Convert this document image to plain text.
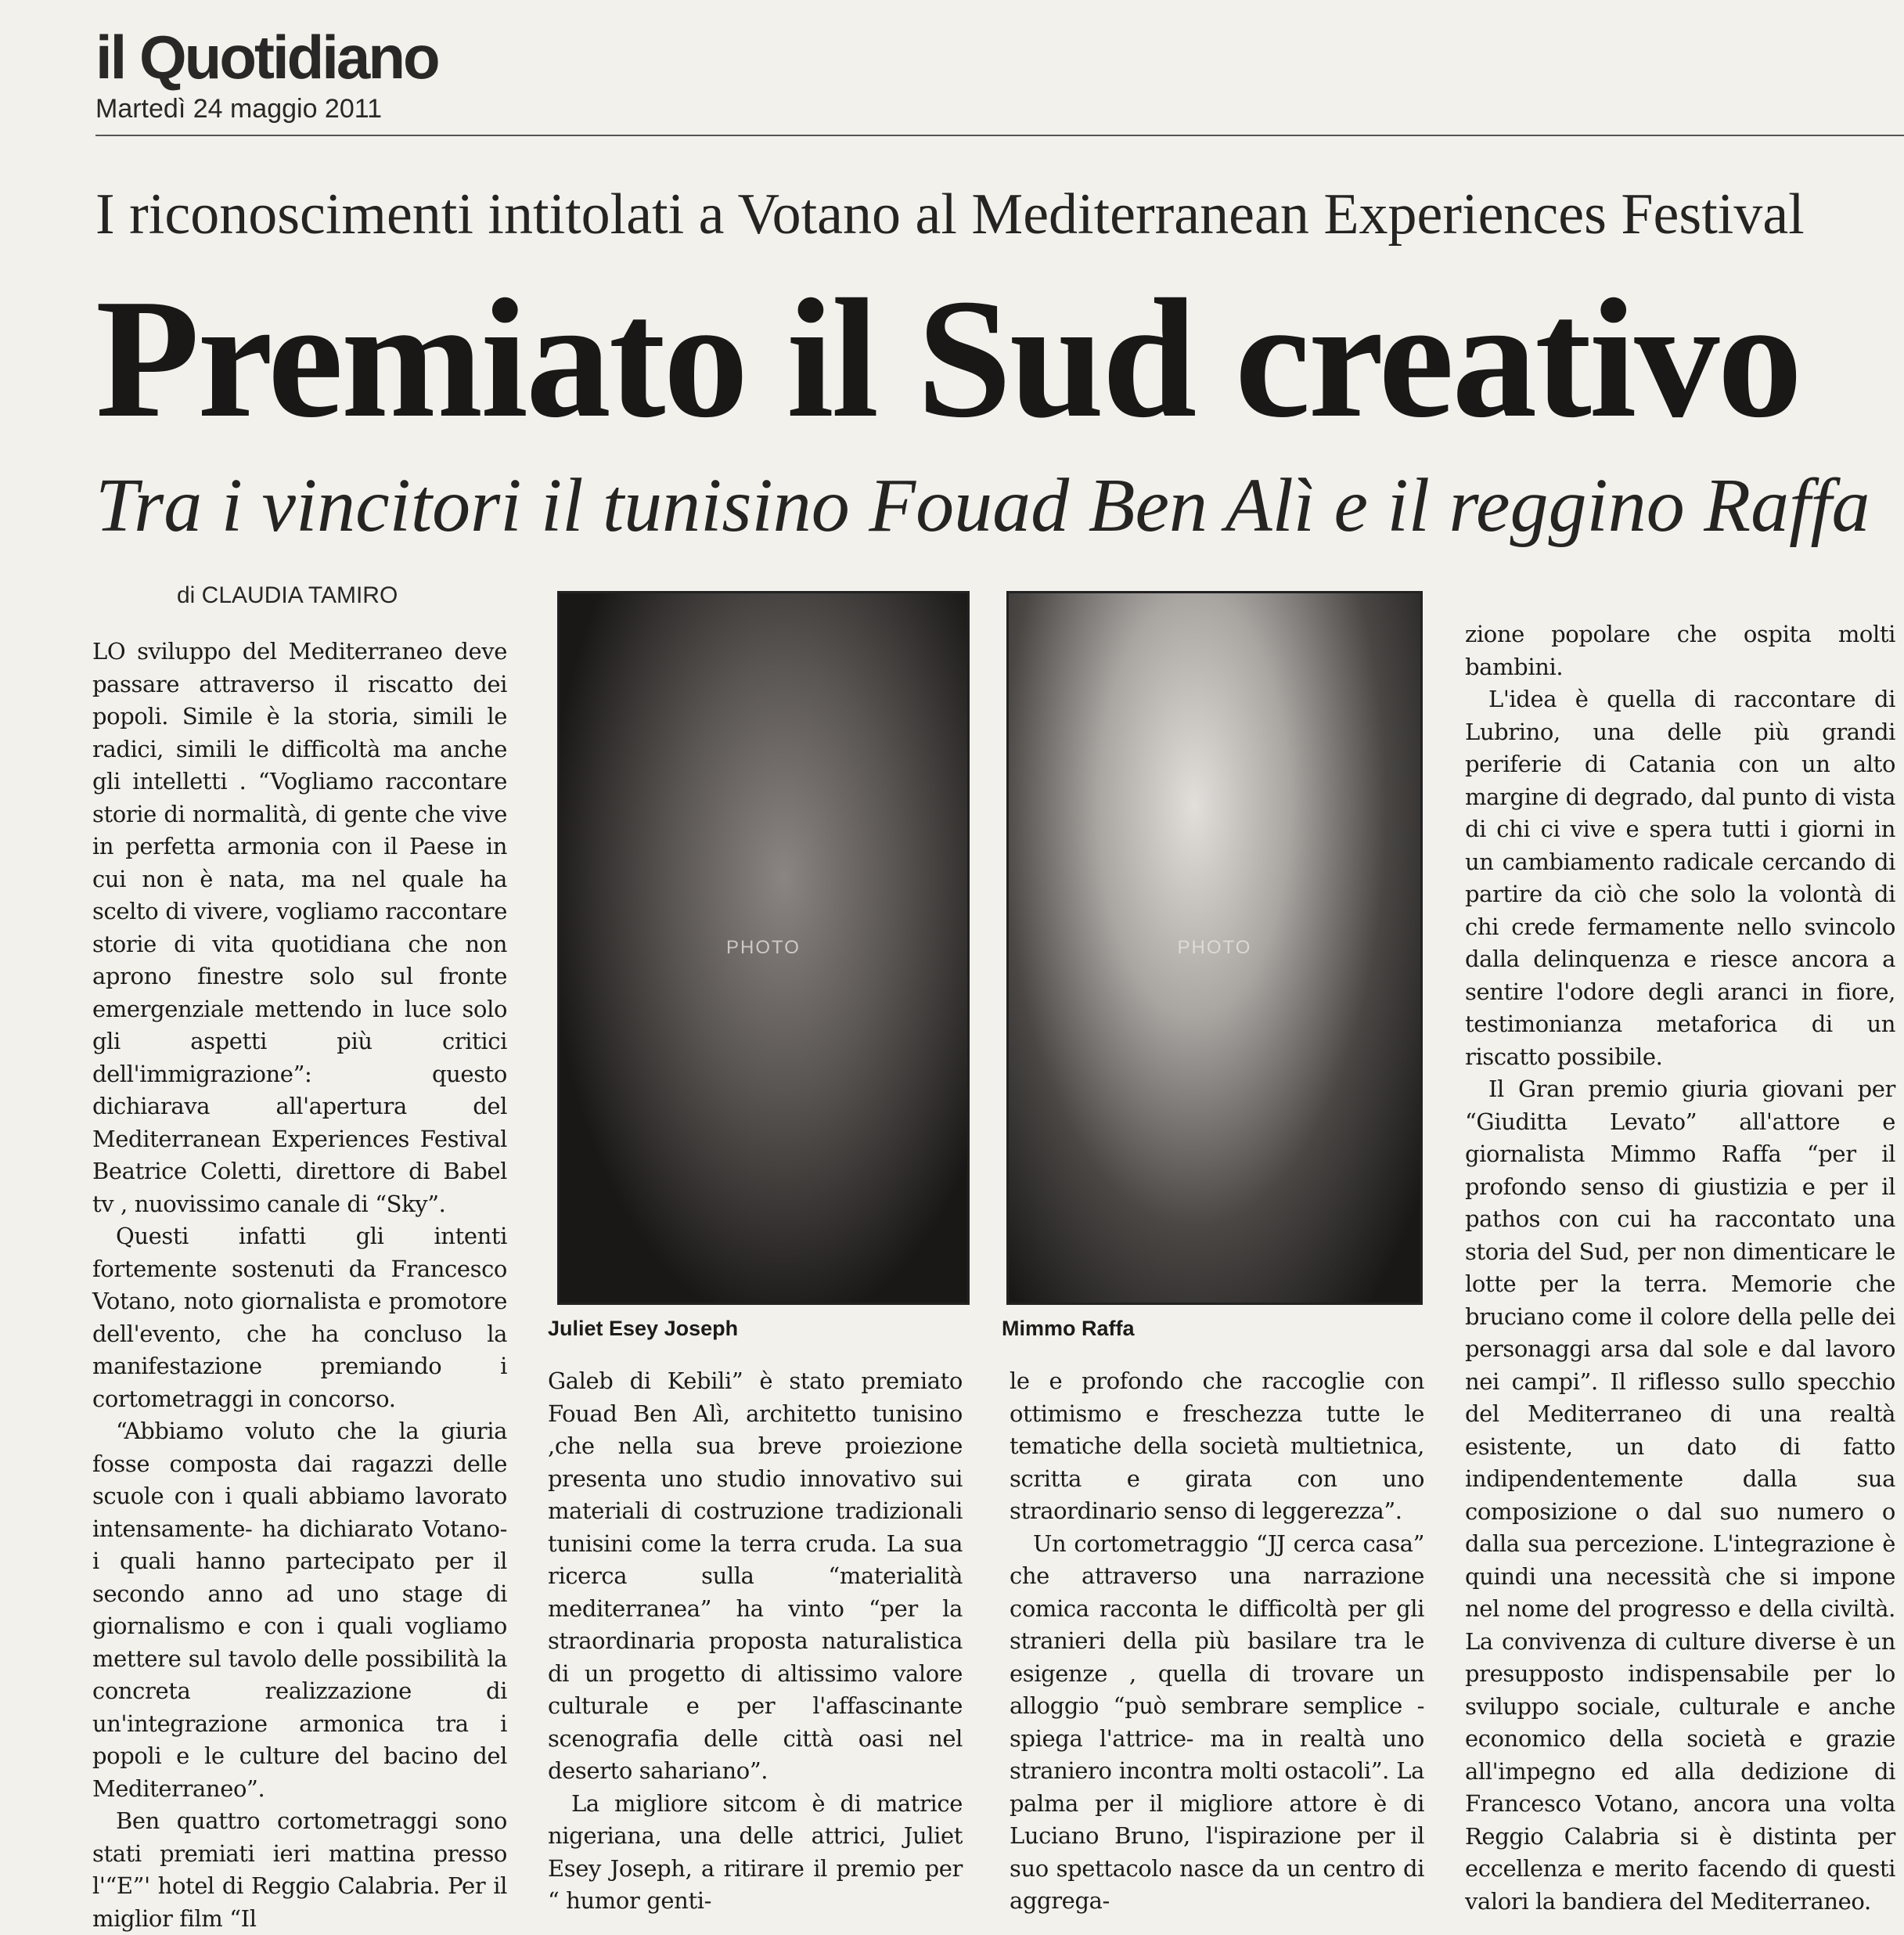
il Quotidiano
Martedì 24 maggio 2011
I riconoscimenti intitolati a Votano al Mediterranean Experiences Festival
Premiato il Sud creativo
Tra i vincitori il tunisino Fouad Ben Alì e il reggino Raffa
di CLAUDIA TAMIRO

LO sviluppo del Mediterraneo deve passare attraverso il riscatto dei popoli. Simile è la storia, simili le radici, simili le difficoltà ma anche gli intelletti . “Vogliamo raccontare storie di normalità, di gente che vive in perfetta armonia con il Paese in cui non è nata, ma nel quale ha scelto di vivere, vogliamo raccontare storie di vita quotidiana che non aprono finestre solo sul fronte emergenziale mettendo in luce solo gli aspetti più critici dell'immigrazione”: questo dichiarava all'apertura del Mediterranean Experiences Festival Beatrice Coletti, direttore di Babel tv , nuovissimo canale di “Sky”.

Questi infatti gli intenti fortemente sostenuti da Francesco Votano, noto giornalista e promotore dell'evento, che ha concluso la manifestazione premiando i cortometraggi in concorso.

“Abbiamo voluto che la giuria fosse composta dai ragazzi delle scuole con i quali abbiamo lavorato intensamente- ha dichiarato Votano- i quali hanno partecipato per il secondo anno ad uno stage di giornalismo e con i quali vogliamo mettere sul tavolo delle possibilità la concreta realizzazione di un'integrazione armonica tra i popoli e le culture del bacino del Mediterraneo”.

Ben quattro cortometraggi sono stati premiati ieri mattina presso l'“E”' hotel di Reggio Calabria. Per il miglior film “Il

PHOTO
Juliet Esey Joseph
PHOTO
Mimmo Raffa

Galeb di Kebili” è stato premiato Fouad Ben Alì, architetto tunisino ,che nella sua breve proiezione presenta uno studio innovativo sui materiali di costruzione tradizionali tunisini come la terra cruda. La sua ricerca sulla “materialità mediterranea” ha vinto “per la straordinaria proposta naturalistica di un progetto di altissimo valore culturale e per l'affascinante scenografia delle città oasi nel deserto sahariano”.

La migliore sitcom è di matrice nigeriana, una delle attrici, Juliet Esey Joseph, a ritirare il premio per “ humor genti-

le e profondo che raccoglie con ottimismo e freschezza tutte le tematiche della società multietnica, scritta e girata con uno straordinario senso di leggerezza”.

Un cortometraggio “JJ cerca casa” che attraverso una narrazione comica racconta le difficoltà per gli stranieri della più basilare tra le esigenze , quella di trovare un alloggio “può sembrare semplice - spiega l'attrice- ma in realtà uno straniero incontra molti ostacoli”. La palma per il migliore attore è di Luciano Bruno, l'ispirazione per il suo spettacolo nasce da un centro di aggrega-

zione popolare che ospita molti bambini.

L'idea è quella di raccontare di Lubrino, una delle più grandi periferie di Catania con un alto margine di degrado, dal punto di vista di chi ci vive e spera tutti i giorni in un cambiamento radicale cercando di partire da ciò che solo la volontà di chi crede fermamente nello svincolo dalla delinquenza e riesce ancora a sentire l'odore degli aranci in fiore, testimonianza metaforica di un riscatto possibile.

Il Gran premio giuria giovani per “Giuditta Levato” all'attore e giornalista Mimmo Raffa “per il profondo senso di giustizia e per il pathos con cui ha raccontato una storia del Sud, per non dimenticare le lotte per la terra. Memorie che bruciano come il colore della pelle dei personaggi arsa dal sole e dal lavoro nei campi”. Il riflesso sullo specchio del Mediterraneo di una realtà esistente, un dato di fatto indipendentemente dalla sua composizione o dal suo numero o dalla sua percezione. L'integrazione è quindi una necessità che si impone nel nome del progresso e della civiltà. La convivenza di culture diverse è un presupposto indispensabile per lo sviluppo sociale, culturale e anche economico della società e grazie all'impegno ed alla dedizione di Francesco Votano, ancora una volta Reggio Calabria si è distinta per eccellenza e merito facendo di questi valori la bandiera del Mediterraneo.
